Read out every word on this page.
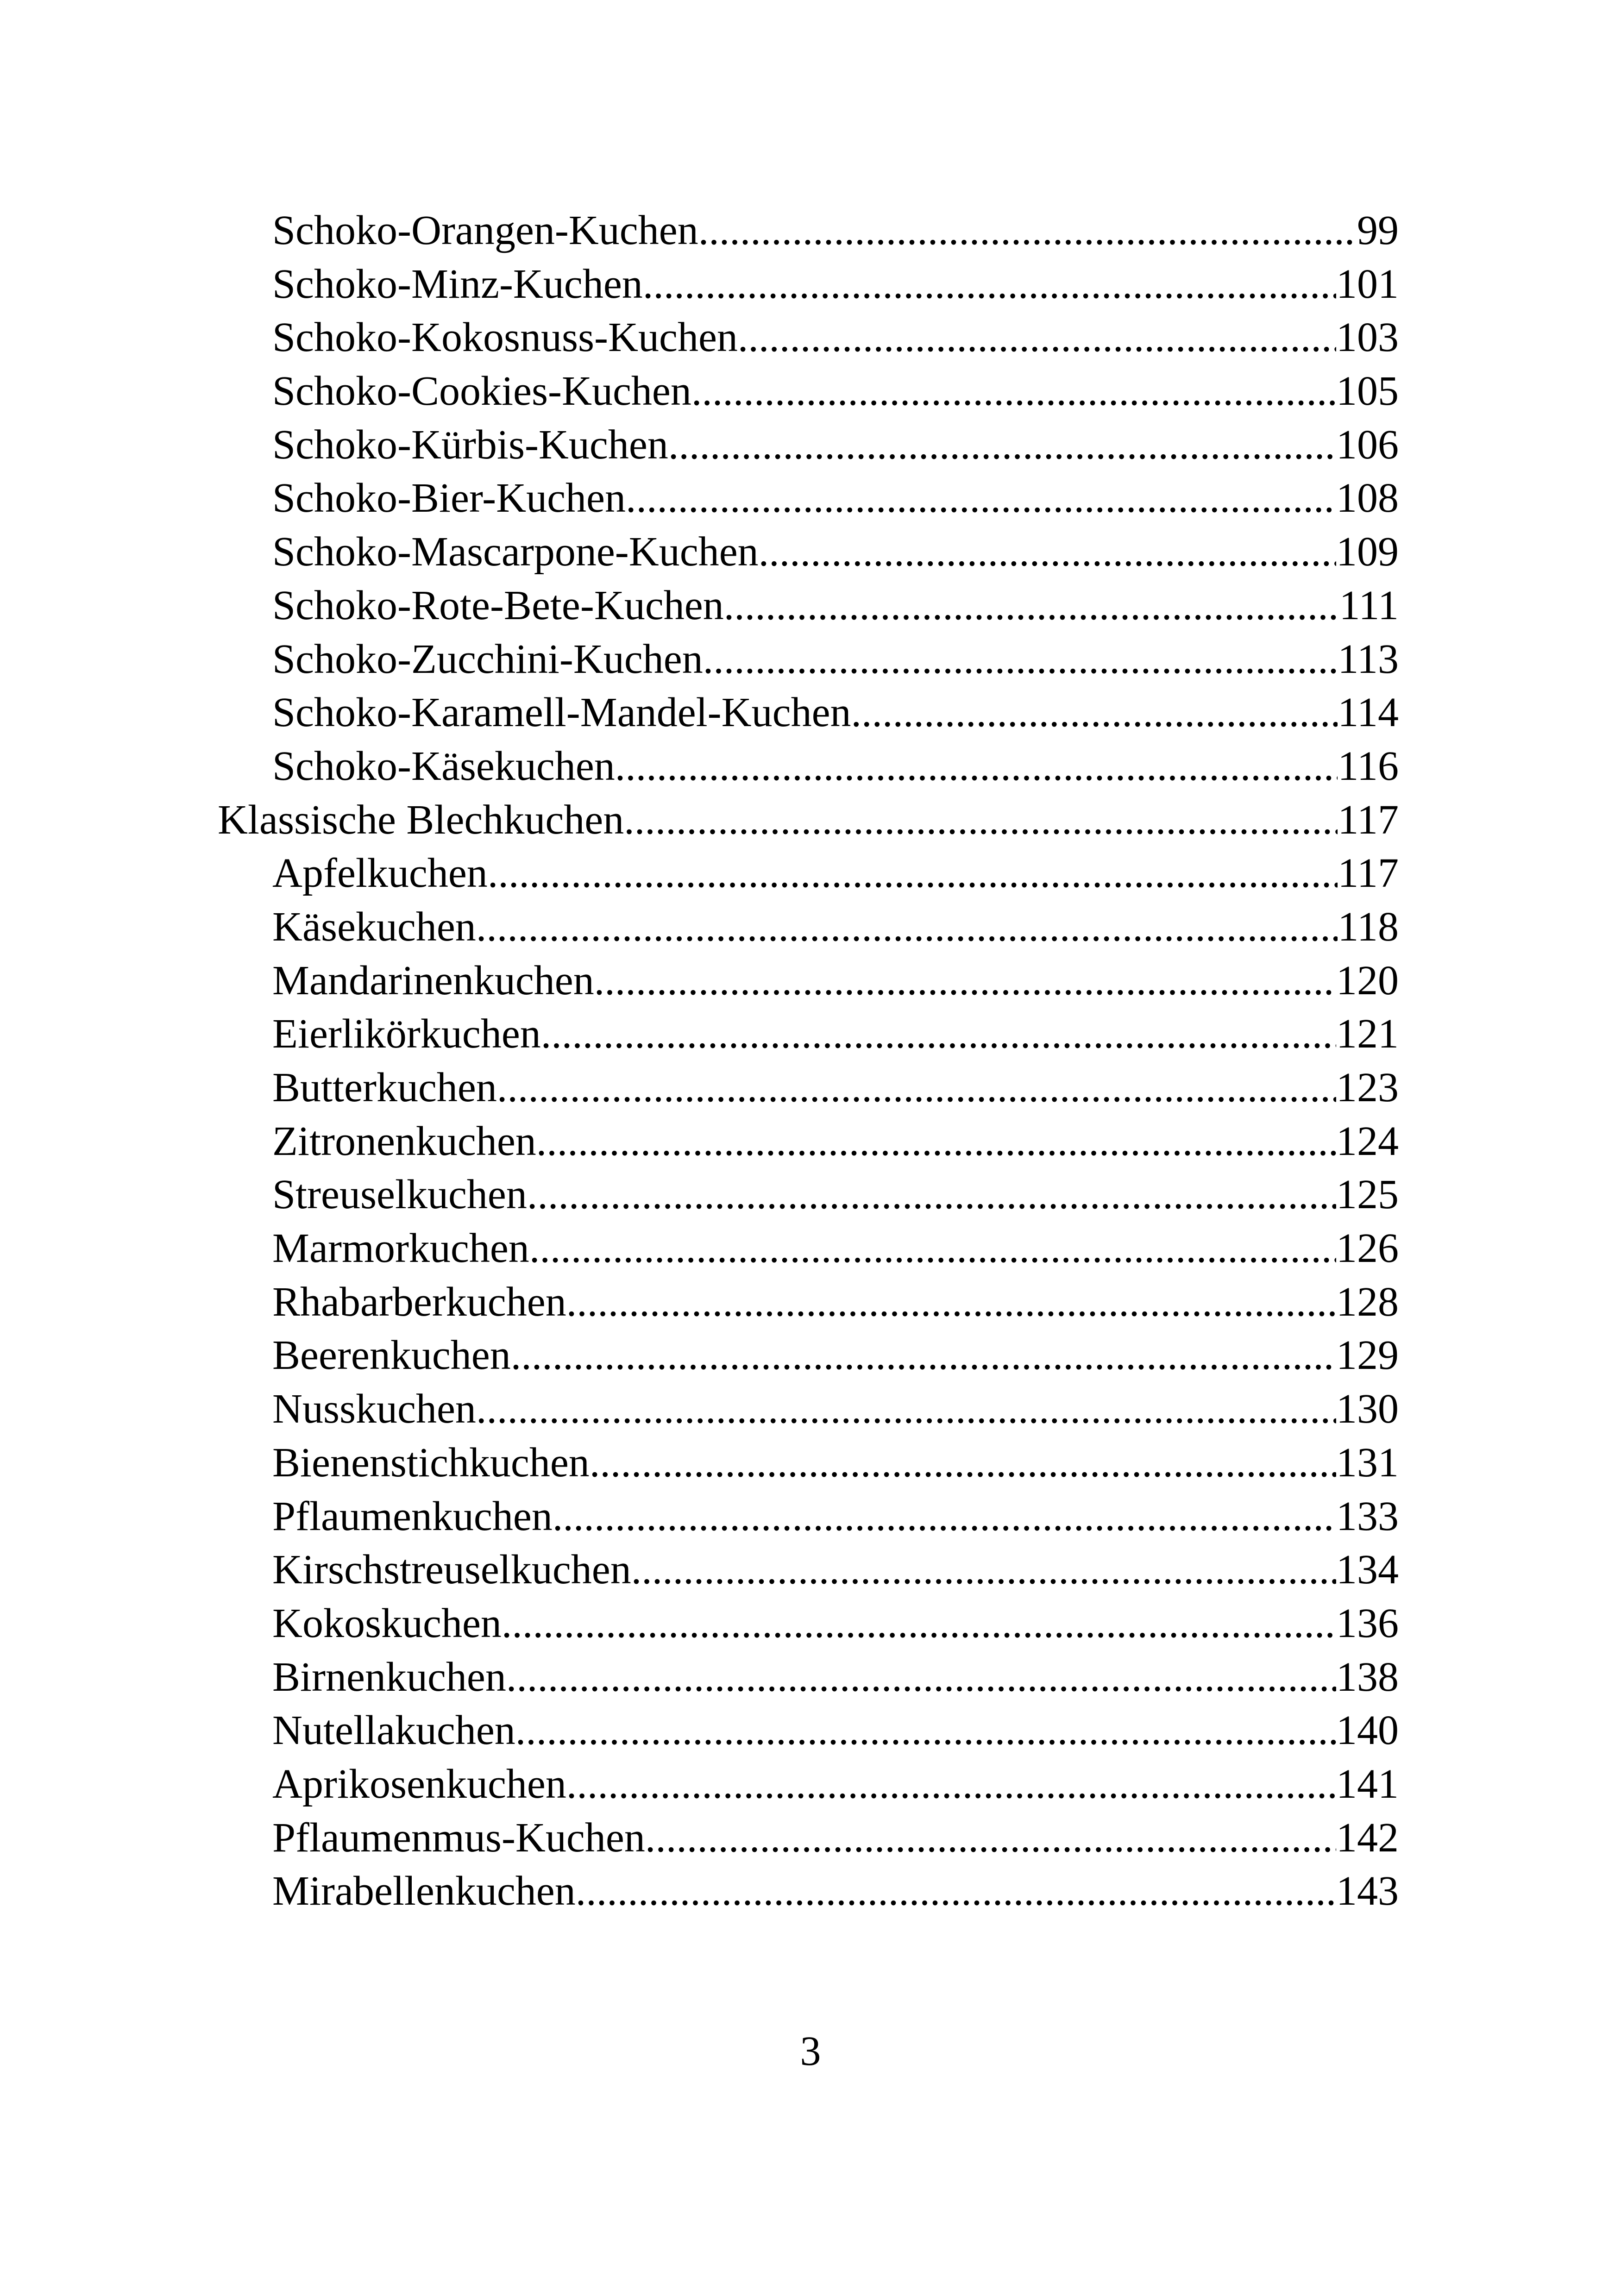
Schoko-Orangen-Kuchen .....	99
Schoko-Minz-Kuchen .....	101
Schoko-Kokosnuss-Kuchen .....	103
Schoko-Cookies-Kuchen .....	105
Schoko-Kürbis-Kuchen .....	106
Schoko-Bier-Kuchen .....	108
Schoko-Mascarpone-Kuchen .....	109
Schoko-Rote-Bete-Kuchen .....	111
Schoko-Zucchini-Kuchen .....	113
Schoko-Karamell-Mandel-Kuchen .....	114
Schoko-Käsekuchen .....	116
Klassische Blechkuchen .....	117
Apfelkuchen .....	117
Käsekuchen .....	118
Mandarinenkuchen .....	120
Eierlikörkuchen .....	121
Butterkuchen .....	123
Zitronenkuchen .....	124
Streuselkuchen .....	125
Marmorkuchen .....	126
Rhabarberkuchen .....	128
Beerenkuchen .....	129
Nusskuchen .....	130
Bienenstichkuchen .....	131
Pflaumenkuchen .....	133
Kirschstreuselkuchen .....	134
Kokoskuchen .....	136
Birnenkuchen .....	138
Nutellakuchen .....	140
Aprikosenkuchen .....	141
Pflaumenmus-Kuchen .....	142
Mirabellenkuchen .....	143
3
